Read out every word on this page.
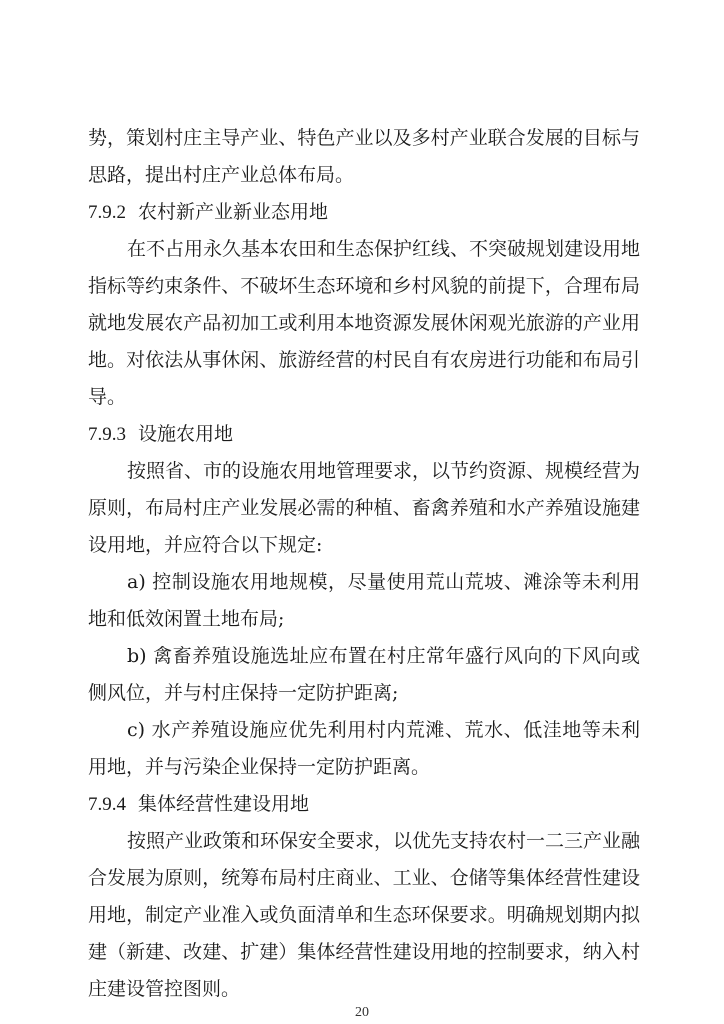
势，策划村庄主导产业、特色产业以及多村产业联合发展的目标与
思路，提出村庄产业总体布局。
7.9.2 农村新产业新业态用地
在不占用永久基本农田和生态保护红线、不突破规划建设用地
指标等约束条件、不破坏生态环境和乡村风貌的前提下，合理布局
就地发展农产品初加工或利用本地资源发展休闲观光旅游的产业用
地。对依法从事休闲、旅游经营的村民自有农房进行功能和布局引
导。
7.9.3 设施农用地
按照省、市的设施农用地管理要求，以节约资源、规模经营为
原则，布局村庄产业发展必需的种植、畜禽养殖和水产养殖设施建
设用地，并应符合以下规定:
a) 控制设施农用地规模，尽量使用荒山荒坡、滩涂等未利用
地和低效闲置土地布局;
b) 禽畜养殖设施选址应布置在村庄常年盛行风向的下风向或
侧风位，并与村庄保持一定防护距离;
c) 水产养殖设施应优先利用村内荒滩、荒水、低洼地等未利
用地，并与污染企业保持一定防护距离。
7.9.4 集体经营性建设用地
按照产业政策和环保安全要求，以优先支持农村一二三产业融
合发展为原则，统筹布局村庄商业、工业、仓储等集体经营性建设
用地，制定产业准入或负面清单和生态环保要求。明确规划期内拟
建（新建、改建、扩建）集体经营性建设用地的控制要求，纳入村
庄建设管控图则。
20
